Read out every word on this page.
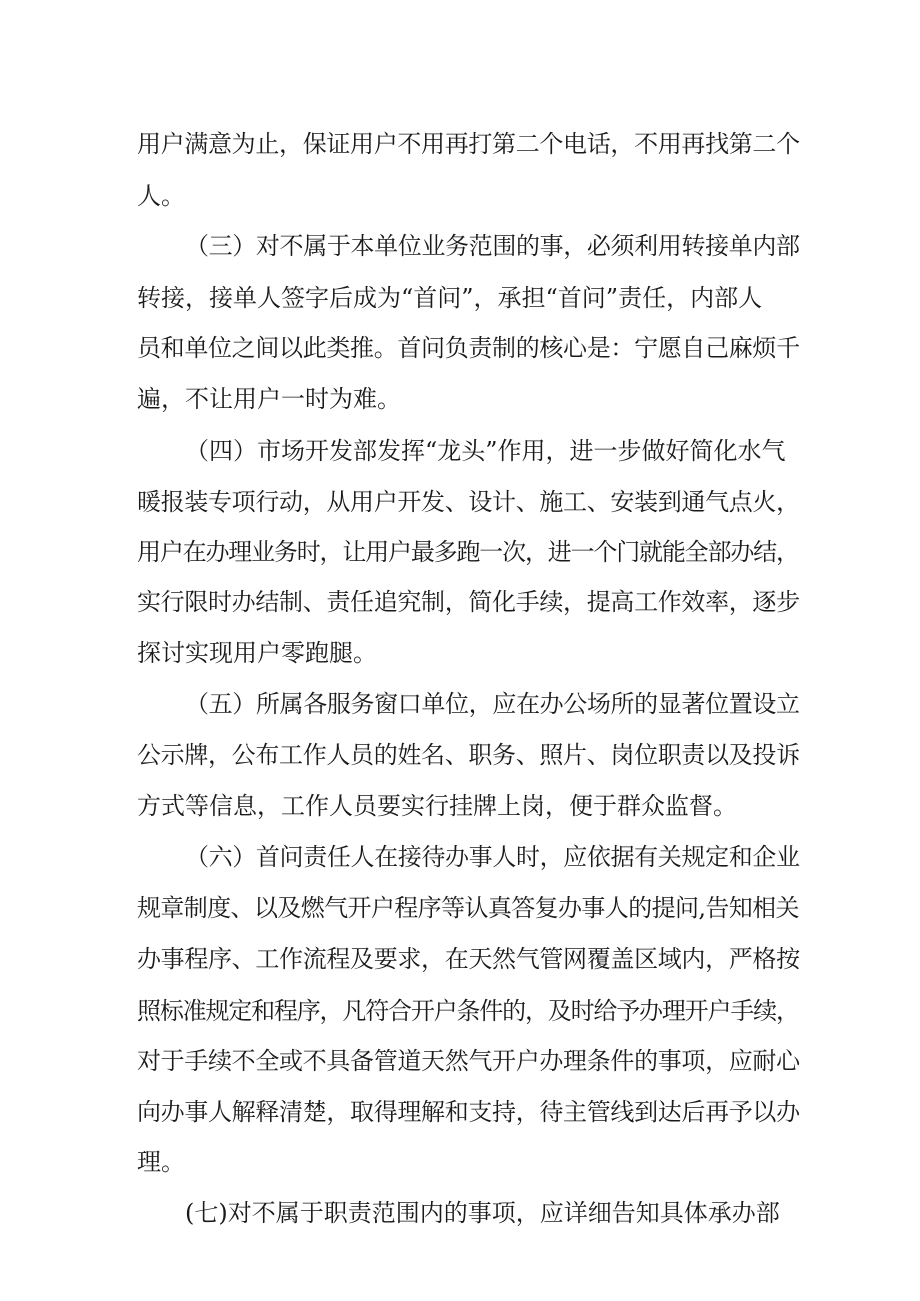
用户满意为止，保证用户不用再打第二个电话，不用再找第二个
人。
（三）对不属于本单位业务范围的事，必须利用转接单内部
转接，接单人签字后成为“首问”，承担“首问”责任，内部人
员和单位之间以此类推。首问负责制的核心是：宁愿自己麻烦千
遍，不让用户一时为难。
（四）市场开发部发挥“龙头”作用，进一步做好简化水气
暖报装专项行动，从用户开发、设计、施工、安装到通气点火，
用户在办理业务时，让用户最多跑一次，进一个门就能全部办结，
实行限时办结制、责任追究制，简化手续，提高工作效率，逐步
探讨实现用户零跑腿。
（五）所属各服务窗口单位，应在办公场所的显著位置设立
公示牌，公布工作人员的姓名、职务、照片、岗位职责以及投诉
方式等信息，工作人员要实行挂牌上岗，便于群众监督。
（六）首问责任人在接待办事人时，应依据有关规定和企业
规章制度、以及燃气开户程序等认真答复办事人的提问,告知相关
办事程序、工作流程及要求，在天然气管网覆盖区域内，严格按
照标准规定和程序，凡符合开户条件的，及时给予办理开户手续，
对于手续不全或不具备管道天然气开户办理条件的事项，应耐心
向办事人解释清楚，取得理解和支持，待主管线到达后再予以办
理。
(七)对不属于职责范围内的事项，应详细告知具体承办部
